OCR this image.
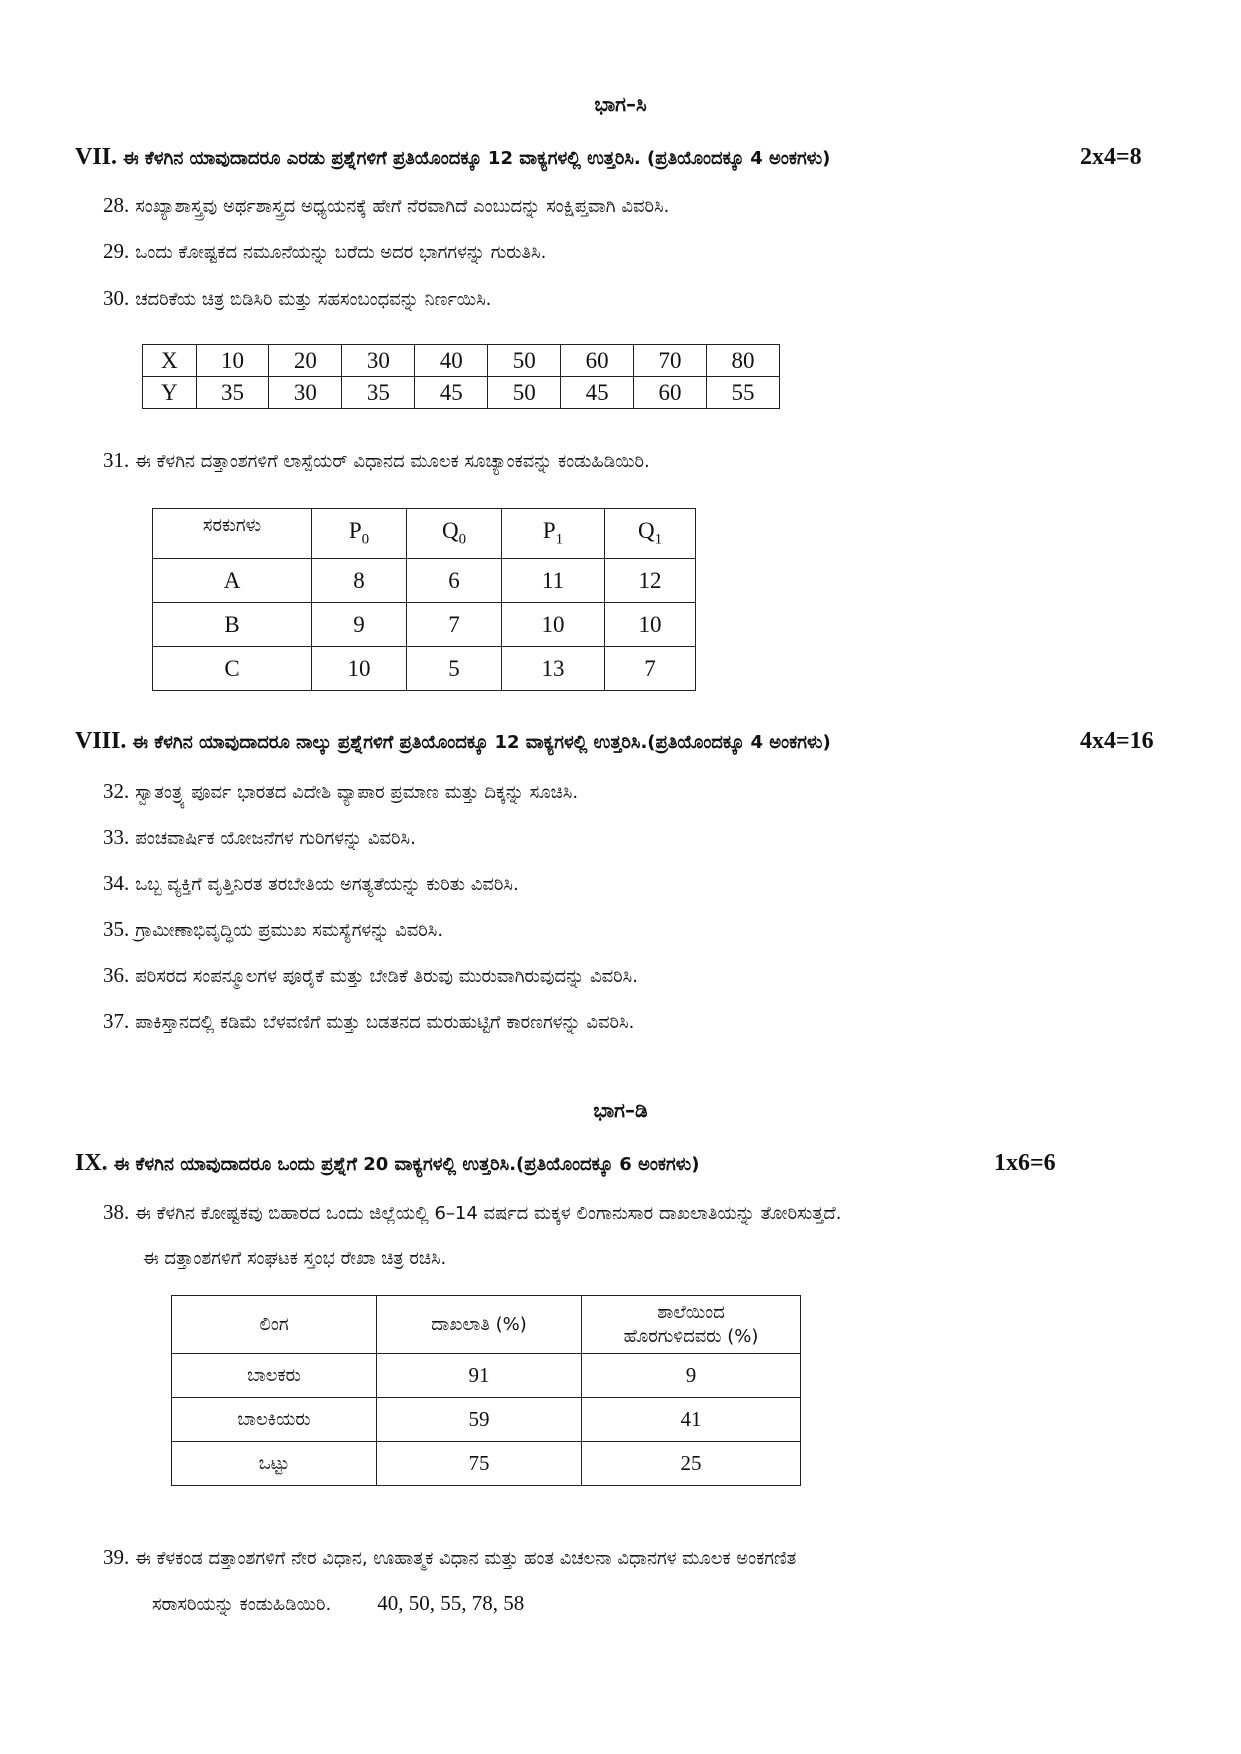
ಭಾಗ–ಸಿ
VII. ಈ ಕೆಳಗಿನ ಯಾವುದಾದರೂ ಎರಡು ಪ್ರಶ್ನೆಗಳಿಗೆ ಪ್ರತಿಯೊಂದಕ್ಕೂ 12 ವಾಕ್ಯಗಳಲ್ಲಿ ಉತ್ತರಿಸಿ. (ಪ್ರತಿಯೊಂದಕ್ಕೂ 4 ಅಂಕಗಳು)	2x4=8
28. ಸಂಖ್ಯಾಶಾಸ್ತ್ರವು ಅರ್ಥಶಾಸ್ತ್ರದ ಅಧ್ಯಯನಕ್ಕೆ ಹೇಗೆ ನೆರವಾಗಿದೆ ಎಂಬುದನ್ನು ಸಂಕ್ಷಿಪ್ತವಾಗಿ ವಿವರಿಸಿ.
29. ಒಂದು ಕೋಷ್ಟಕದ ನಮೂನೆಯನ್ನು ಬರೆದು ಅದರ ಭಾಗಗಳನ್ನು ಗುರುತಿಸಿ.
30. ಚದರಿಕೆಯ ಚಿತ್ರ ಬಿಡಿಸಿರಿ ಮತ್ತು ಸಹಸಂಬಂಧವನ್ನು ನಿರ್ಣಯಿಸಿ.
X	10	20	30	40	50	60	70	80
Y	35	30	35	45	50	45	60	55
31. ಈ ಕೆಳಗಿನ ದತ್ತಾಂಶಗಳಿಗೆ ಲಾಸ್ಪೆಯರ್ ವಿಧಾನದ ಮೂಲಕ ಸೂಚ್ಯಾಂಕವನ್ನು ಕಂಡುಹಿಡಿಯಿರಿ.
ಸರಕುಗಳು	$P_0$	$Q_0$	$P_1$	$Q_1$
A	8	6	11	12
B	9	7	10	10
C	10	5	13	7
VIII. ಈ ಕೆಳಗಿನ ಯಾವುದಾದರೂ ನಾಲ್ಕು ಪ್ರಶ್ನೆಗಳಿಗೆ ಪ್ರತಿಯೊಂದಕ್ಕೂ 12 ವಾಕ್ಯಗಳಲ್ಲಿ ಉತ್ತರಿಸಿ.(ಪ್ರತಿಯೊಂದಕ್ಕೂ 4 ಅಂಕಗಳು)	4x4=16
32. ಸ್ವಾತಂತ್ರ್ಯ ಪೂರ್ವ ಭಾರತದ ವಿದೇಶಿ ವ್ಯಾಪಾರ ಪ್ರಮಾಣ ಮತ್ತು ದಿಕ್ಕನ್ನು ಸೂಚಿಸಿ.
33. ಪಂಚವಾರ್ಷಿಕ ಯೋಜನೆಗಳ ಗುರಿಗಳನ್ನು ವಿವರಿಸಿ.
34. ಒಬ್ಬ ವ್ಯಕ್ತಿಗೆ ವೃತ್ತಿನಿರತ ತರಬೇತಿಯ ಅಗತ್ಯತೆಯನ್ನು ಕುರಿತು ವಿವರಿಸಿ.
35. ಗ್ರಾಮೀಣಾಭಿವೃದ್ಧಿಯ ಪ್ರಮುಖ ಸಮಸ್ಯೆಗಳನ್ನು ವಿವರಿಸಿ.
36. ಪರಿಸರದ ಸಂಪನ್ಮೂಲಗಳ ಪೂರೈಕೆ ಮತ್ತು ಬೇಡಿಕೆ ತಿರುವು ಮುರುವಾಗಿರುವುದನ್ನು ವಿವರಿಸಿ.
37. ಪಾಕಿಸ್ತಾನದಲ್ಲಿ ಕಡಿಮೆ ಬೆಳವಣಿಗೆ ಮತ್ತು ಬಡತನದ ಮರುಹುಟ್ಟಿಗೆ ಕಾರಣಗಳನ್ನು ವಿವರಿಸಿ.
ಭಾಗ–ಡಿ
IX. ಈ ಕೆಳಗಿನ ಯಾವುದಾದರೂ ಒಂದು ಪ್ರಶ್ನೆಗೆ 20 ವಾಕ್ಯಗಳಲ್ಲಿ ಉತ್ತರಿಸಿ.(ಪ್ರತಿಯೊಂದಕ್ಕೂ 6 ಅಂಕಗಳು)	1x6=6
38. ಈ ಕೆಳಗಿನ ಕೋಷ್ಟಕವು ಬಿಹಾರದ ಒಂದು ಜಿಲ್ಲೆಯಲ್ಲಿ 6–14 ವರ್ಷದ ಮಕ್ಕಳ ಲಿಂಗಾನುಸಾರ ದಾಖಲಾತಿಯನ್ನು ತೋರಿಸುತ್ತದೆ.
ಈ ದತ್ತಾಂಶಗಳಿಗೆ ಸಂಘಟಕ ಸ್ತಂಭ ರೇಖಾ ಚಿತ್ರ ರಚಿಸಿ.
ಲಿಂಗ	ದಾಖಲಾತಿ (%)	ಶಾಲೆಯಿಂದ
ಹೊರಗುಳಿದವರು (%)
ಬಾಲಕರು	91	9
ಬಾಲಕಿಯರು	59	41
ಒಟ್ಟು	75	25
39. ಈ ಕೆಳಕಂಡ ದತ್ತಾಂಶಗಳಿಗೆ ನೇರ ವಿಧಾನ, ಊಹಾತ್ಮಕ ವಿಧಾನ ಮತ್ತು ಹಂತ ವಿಚಲನಾ ವಿಧಾನಗಳ ಮೂಲಕ ಅಂಕಗಣಿತ
ಸರಾಸರಿಯನ್ನು ಕಂಡುಹಿಡಿಯಿರಿ. 40, 50, 55, 78, 58
